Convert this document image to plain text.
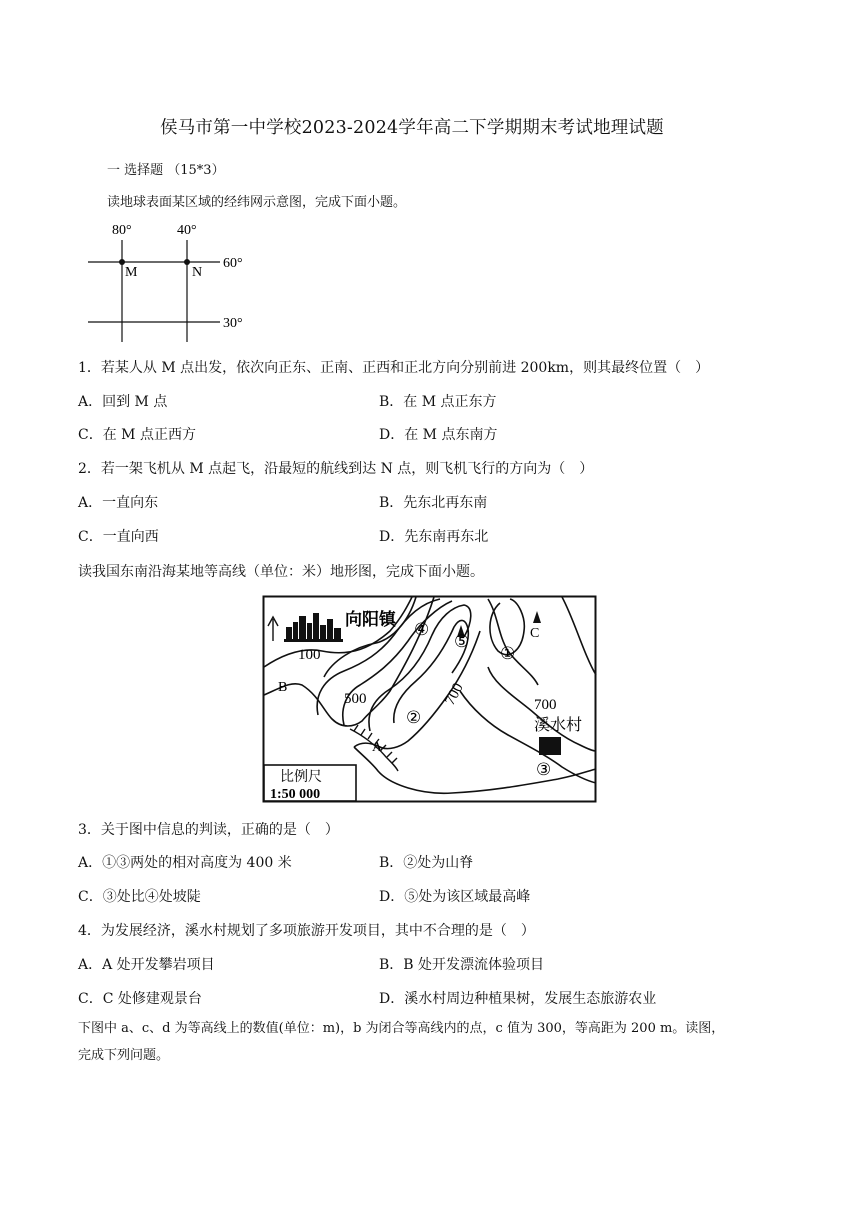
侯马市第一中学校2023-2024学年高二下学期期末考试地理试题
一 选择题 （15*3）
读地球表面某区域的经纬网示意图，完成下面小题。
80°	40°
60°
30°
M	N
1．若某人从 M 点出发，依次向正东、正南、正西和正北方向分别前进 200km，则其最终位置（　）
A．回到 M 点	B．在 M 点正东方
C．在 M 点正西方	D．在 M 点东南方
2．若一架飞机从 M 点起飞，沿最短的航线到达 N 点，则飞机飞行的方向为（　）
A．一直向东	B．先东北再东南
C．一直向西	D．先东南再东北
读我国东南沿海某地等高线（单位：米）地形图，完成下面小题。
向阳镇
100
500	700	700
溪水村
A
B
C
①
②
③
④
⑤
比例尺
1:50 000
3．关于图中信息的判读，正确的是（　）
A．①③两处的相对高度为 400 米	B．②处为山脊
C．③处比④处坡陡	D．⑤处为该区域最高峰
4．为发展经济，溪水村规划了多项旅游开发项目，其中不合理的是（　）
A．A 处开发攀岩项目	B．B 处开发漂流体验项目
C．C 处修建观景台	D．溪水村周边种植果树，发展生态旅游农业
下图中 a、c、d 为等高线上的数值(单位：m)，b 为闭合等高线内的点，c 值为 300，等高距为 200 m。读图，
完成下列问题。
